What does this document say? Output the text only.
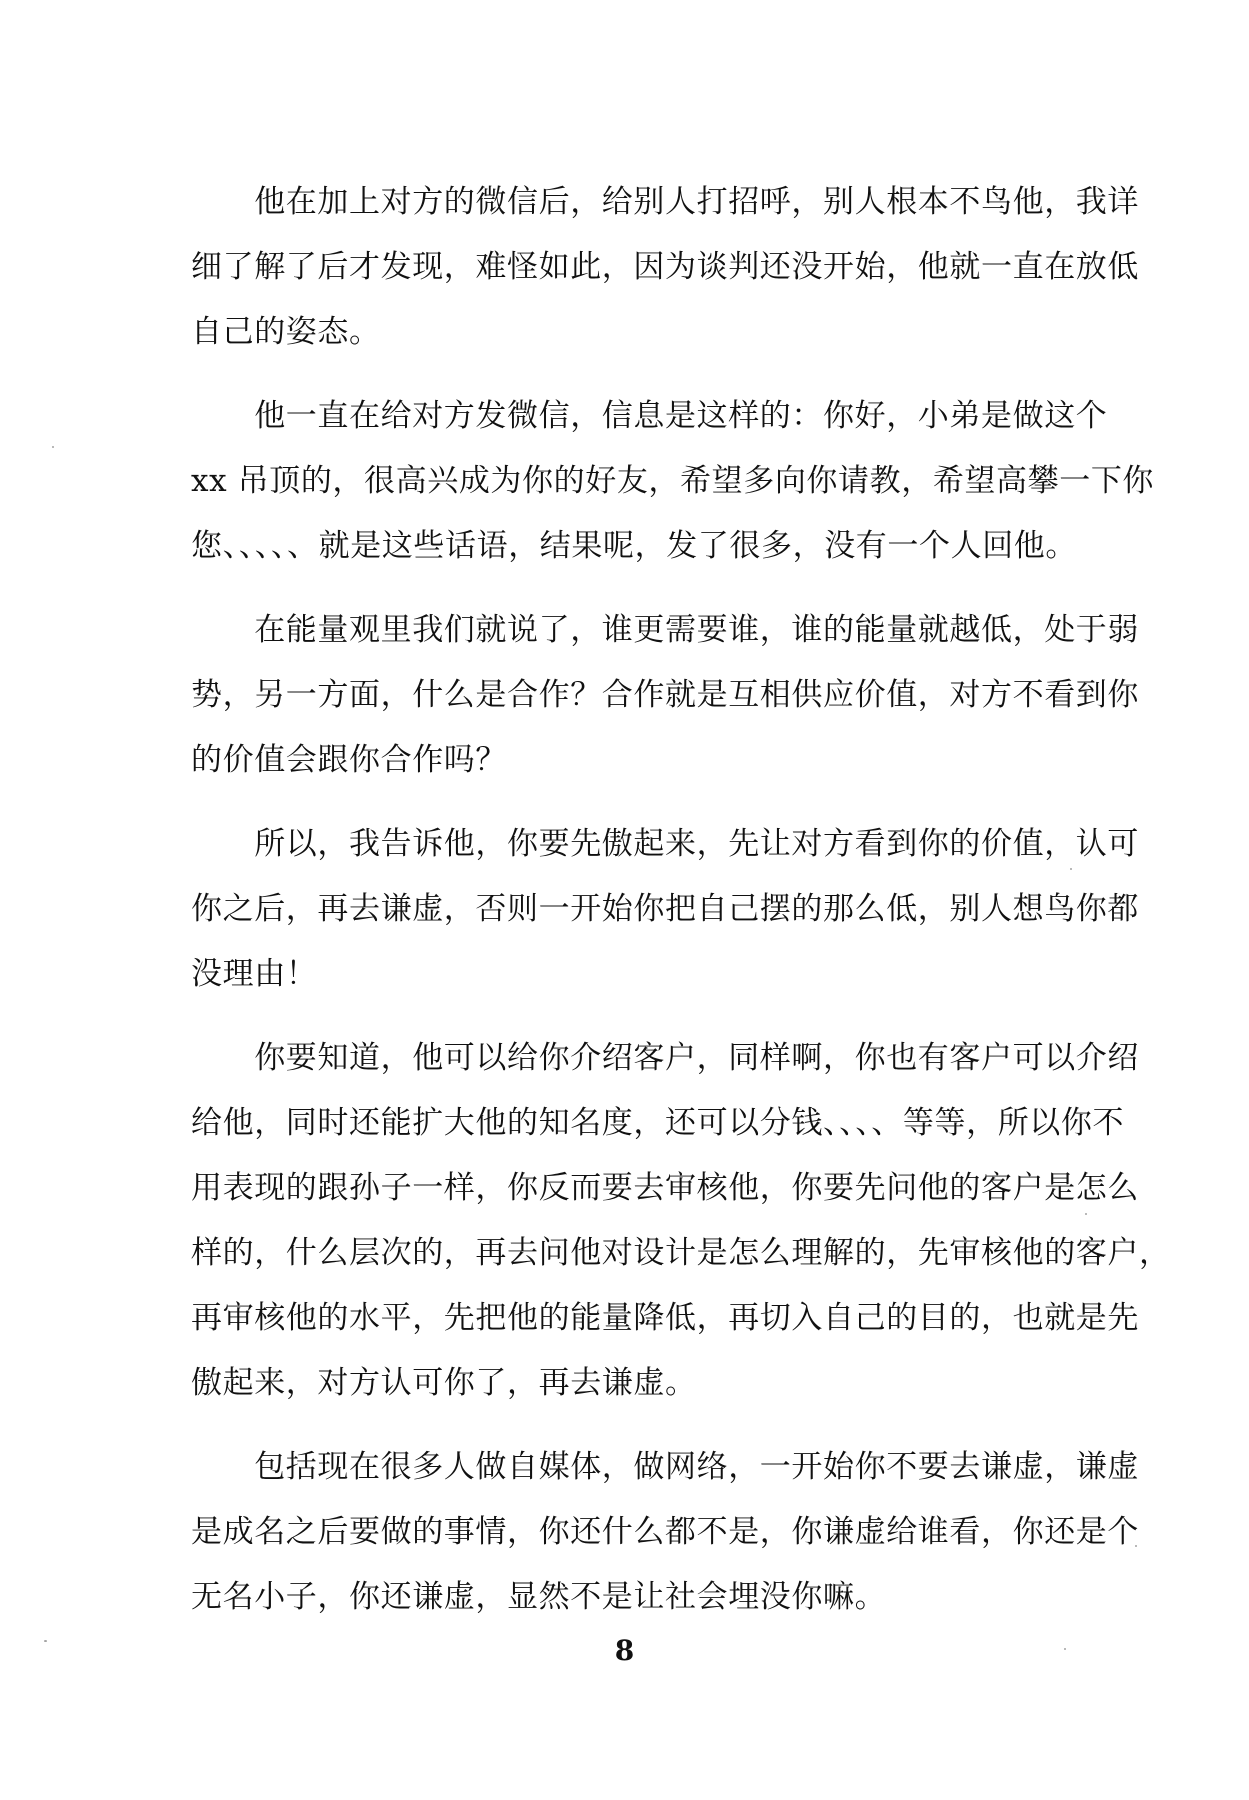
　　他在加上对方的微信后，给别人打招呼，别人根本不鸟他，我详
细了解了后才发现，难怪如此，因为谈判还没开始，他就一直在放低
自己的姿态。
　　他一直在给对方发微信，信息是这样的：你好，小弟是做这个
xx 吊顶的，很高兴成为你的好友，希望多向你请教，希望高攀一下你
您、、、、、就是这些话语，结果呢，发了很多，没有一个人回他。
　　在能量观里我们就说了，谁更需要谁，谁的能量就越低，处于弱
势，另一方面，什么是合作？合作就是互相供应价值，对方不看到你
的价值会跟你合作吗？
　　所以，我告诉他，你要先傲起来，先让对方看到你的价值，认可
你之后，再去谦虚，否则一开始你把自己摆的那么低，别人想鸟你都
没理由！
　　你要知道，他可以给你介绍客户，同样啊，你也有客户可以介绍
给他，同时还能扩大他的知名度，还可以分钱、、、、等等，所以你不
用表现的跟孙子一样，你反而要去审核他，你要先问他的客户是怎么
样的，什么层次的，再去问他对设计是怎么理解的，先审核他的客户，
再审核他的水平，先把他的能量降低，再切入自己的目的，也就是先
傲起来，对方认可你了，再去谦虚。
　　包括现在很多人做自媒体，做网络，一开始你不要去谦虚，谦虚
是成名之后要做的事情，你还什么都不是，你谦虚给谁看，你还是个
无名小子，你还谦虚，显然不是让社会埋没你嘛。
8
